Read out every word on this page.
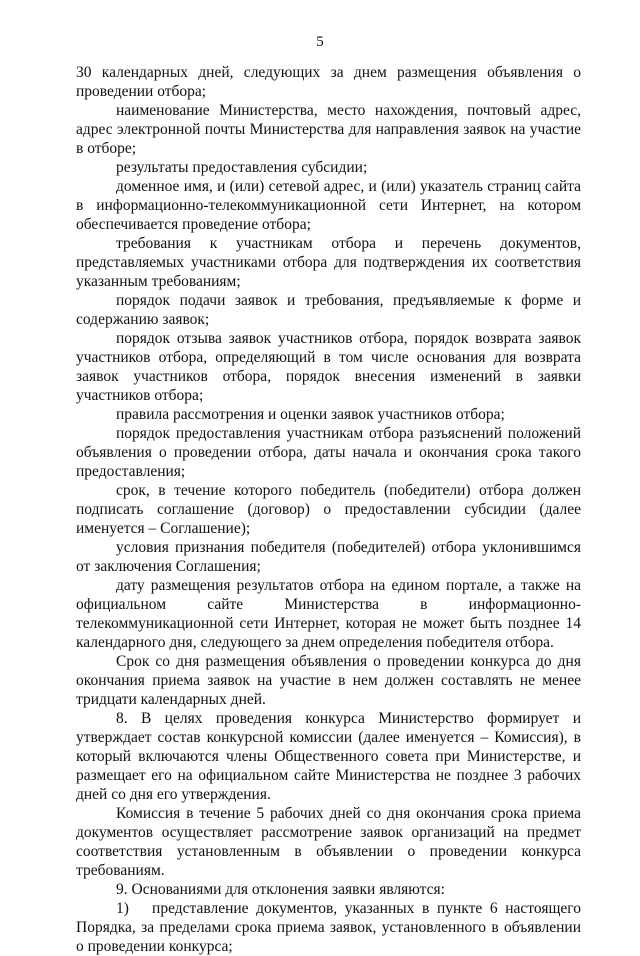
5

30 календарных дней, следующих за днем размещения объявления о проведении отбора;

наименование Министерства, место нахождения, почтовый адрес, адрес электронной почты Министерства для направления заявок на участие в отборе;

результаты предоставления субсидии;

доменное имя, и (или) сетевой адрес, и (или) указатель страниц сайта в информационно-телекоммуникационной сети Интернет, на котором обеспечивается проведение отбора;

требования к участникам отбора и перечень документов, представляемых участниками отбора для подтверждения их соответствия указанным требованиям;

порядок подачи заявок и требования, предъявляемые к форме и содержанию заявок;

порядок отзыва заявок участников отбора, порядок возврата заявок участников отбора, определяющий в том числе основания для возврата заявок участников отбора, порядок внесения изменений в заявки участников отбора;

правила рассмотрения и оценки заявок участников отбора;

порядок предоставления участникам отбора разъяснений положений объявления о проведении отбора, даты начала и окончания срока такого предоставления;

срок, в течение которого победитель (победители) отбора должен подписать соглашение (договор) о предоставлении субсидии (далее именуется – Соглашение);

условия признания победителя (победителей) отбора уклонившимся от заключения Соглашения;

дату размещения результатов отбора на едином портале, а также на официальном сайте Министерства в информационно-телекоммуникационной сети Интернет, которая не может быть позднее 14 календарного дня, следующего за днем определения победителя отбора.

Срок со дня размещения объявления о проведении конкурса до дня окончания приема заявок на участие в нем должен составлять не менее тридцати календарных дней.

8. В целях проведения конкурса Министерство формирует и утверждает состав конкурсной комиссии (далее именуется – Комиссия), в который включаются члены Общественного совета при Министерстве, и размещает его на официальном сайте Министерства не позднее 3 рабочих дней со дня его утверждения.

Комиссия в течение 5 рабочих дней со дня окончания срока приема документов осуществляет рассмотрение заявок организаций на предмет соответствия установленным в объявлении о проведении конкурса требованиям.

9. Основаниями для отклонения заявки являются:

1)  представление документов, указанных в пункте 6 настоящего Порядка, за пределами срока приема заявок, установленного в объявлении о проведении конкурса;
